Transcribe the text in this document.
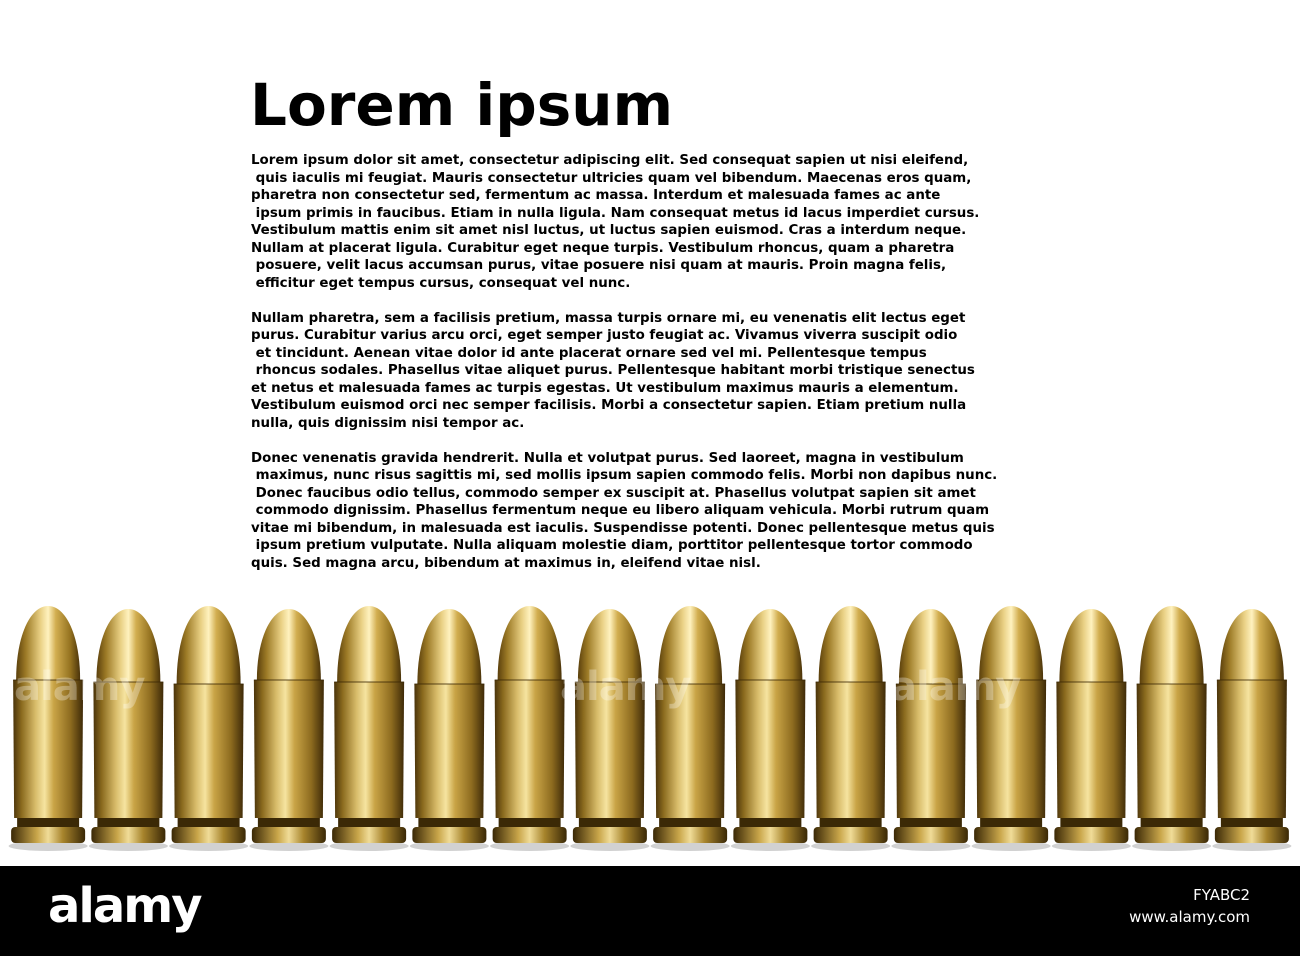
Lorem ipsum
Lorem ipsum dolor sit amet, consectetur adipiscing elit. Sed consequat sapien ut nisi eleifend,
quis iaculis mi feugiat. Mauris consectetur ultricies quam vel bibendum. Maecenas eros quam,
pharetra non consectetur sed, fermentum ac massa. Interdum et malesuada fames ac ante
ipsum primis in faucibus. Etiam in nulla ligula. Nam consequat metus id lacus imperdiet cursus.
Vestibulum mattis enim sit amet nisl luctus, ut luctus sapien euismod. Cras a interdum neque.
Nullam at placerat ligula. Curabitur eget neque turpis. Vestibulum rhoncus, quam a pharetra
posuere, velit lacus accumsan purus, vitae posuere nisi quam at mauris. Proin magna felis,
efficitur eget tempus cursus, consequat vel nunc.
Nullam pharetra, sem a facilisis pretium, massa turpis ornare mi, eu venenatis elit lectus eget
purus. Curabitur varius arcu orci, eget semper justo feugiat ac. Vivamus viverra suscipit odio
et tincidunt. Aenean vitae dolor id ante placerat ornare sed vel mi. Pellentesque tempus
rhoncus sodales. Phasellus vitae aliquet purus. Pellentesque habitant morbi tristique senectus
et netus et malesuada fames ac turpis egestas. Ut vestibulum maximus mauris a elementum.
Vestibulum euismod orci nec semper facilisis. Morbi a consectetur sapien. Etiam pretium nulla
nulla, quis dignissim nisi tempor ac.
Donec venenatis gravida hendrerit. Nulla et volutpat purus. Sed laoreet, magna in vestibulum
maximus, nunc risus sagittis mi, sed mollis ipsum sapien commodo felis. Morbi non dapibus nunc.
Donec faucibus odio tellus, commodo semper ex suscipit at. Phasellus volutpat sapien sit amet
commodo dignissim. Phasellus fermentum neque eu libero aliquam vehicula. Morbi rutrum quam
vitae mi bibendum, in malesuada est iaculis. Suspendisse potenti. Donec pellentesque metus quis
ipsum pretium vulputate. Nulla aliquam molestie diam, porttitor pellentesque tortor commodo
quis. Sed magna arcu, bibendum at maximus in, eleifend vitae nisl.
alamy	alamy	alamy
alamy	FYABC2
www.alamy.com
